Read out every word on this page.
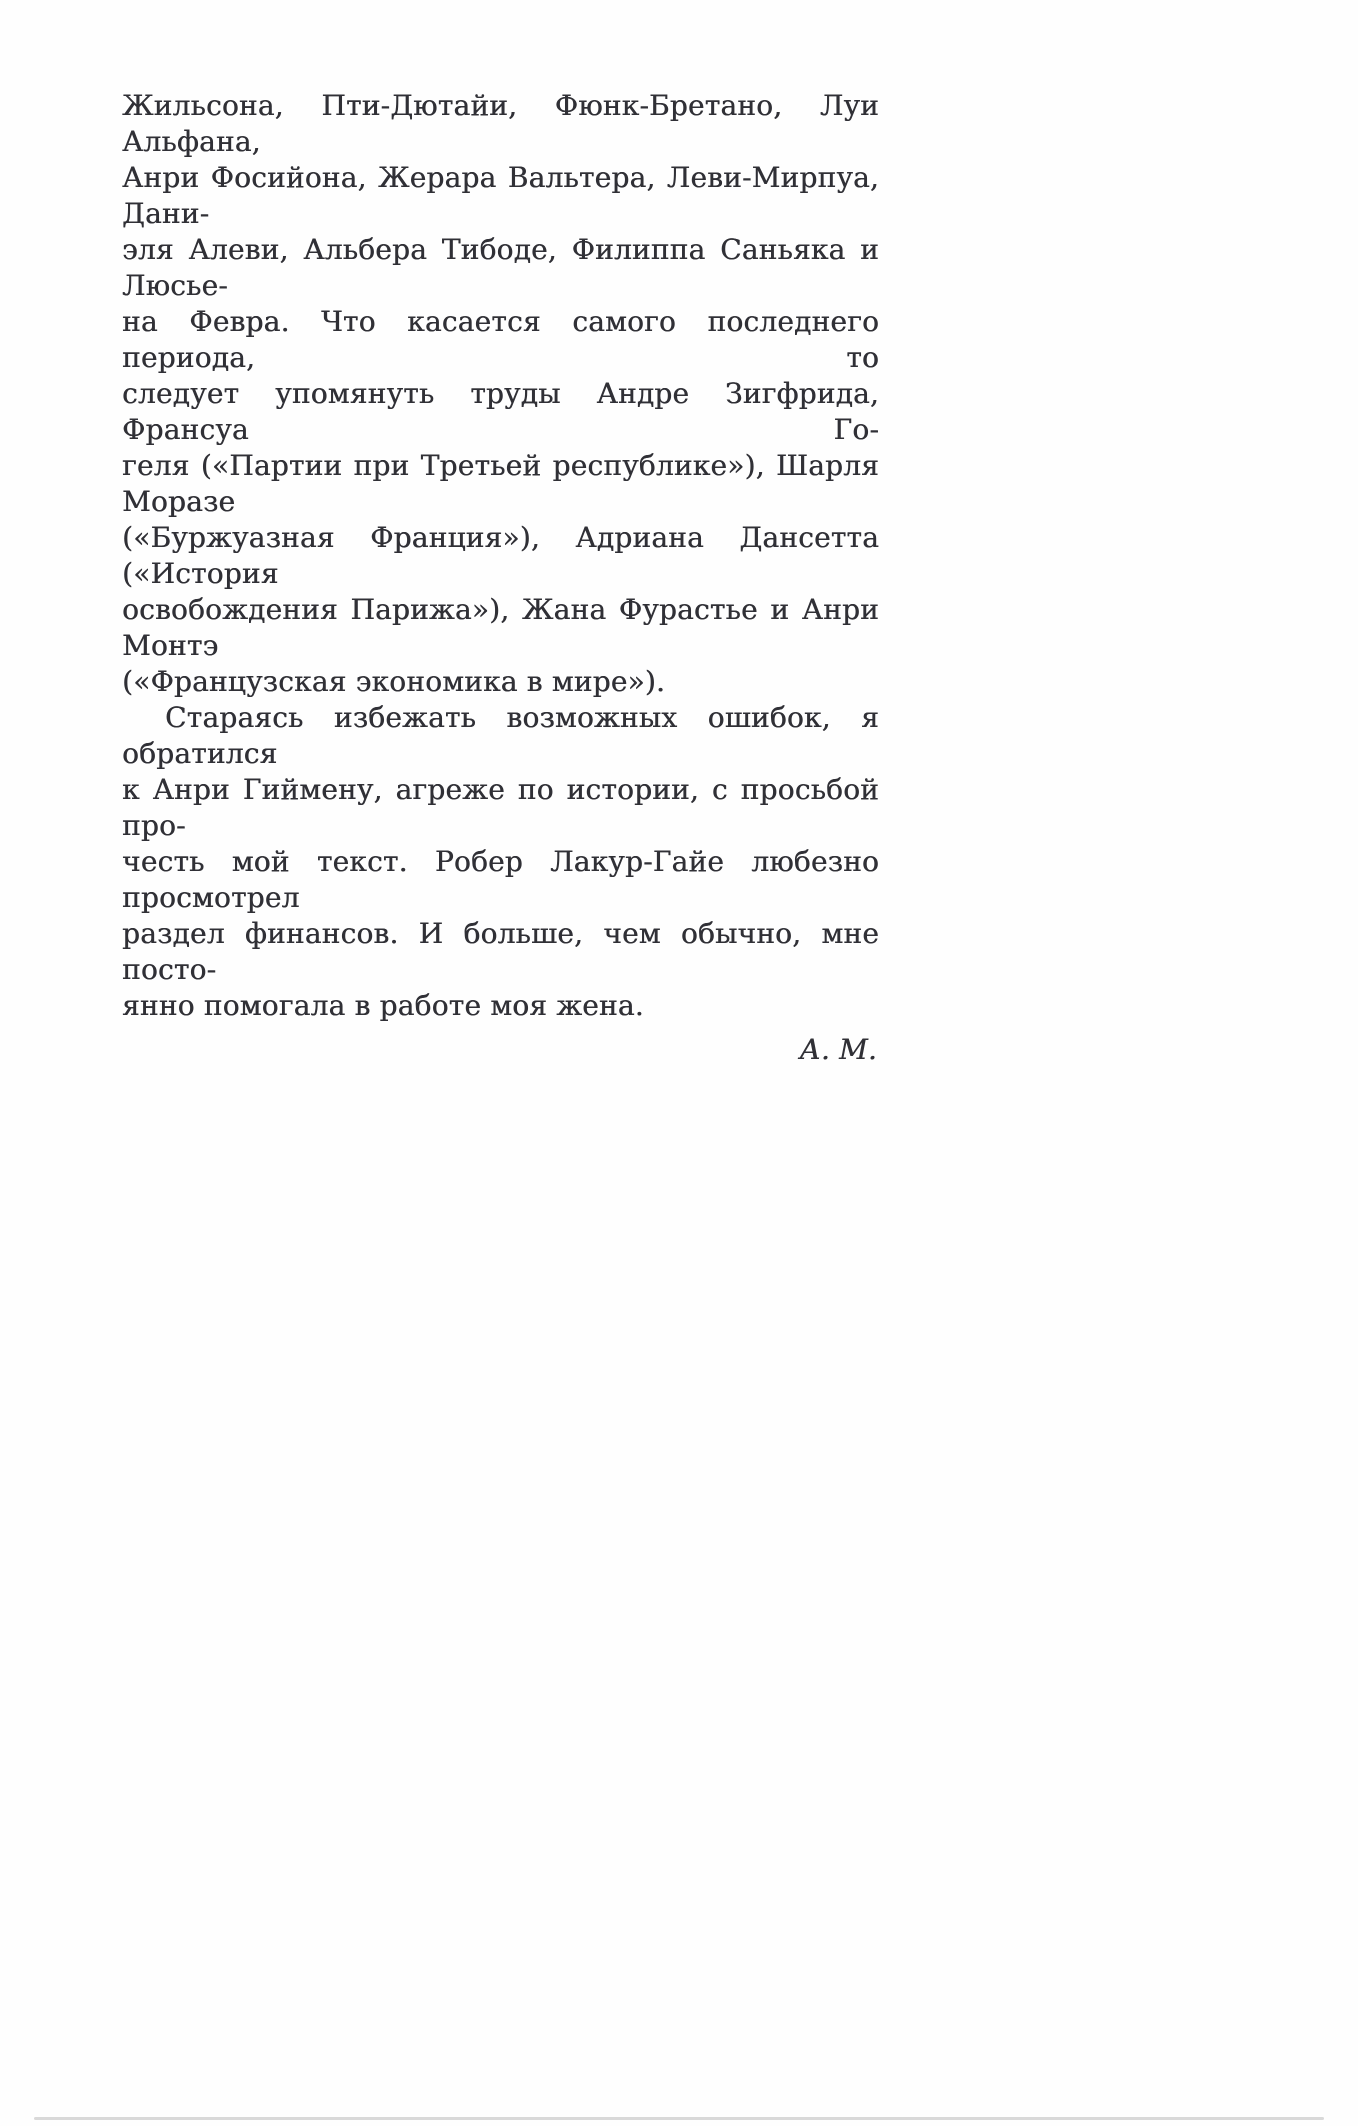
Жильсона, Пти-Дютайи, Фюнк-Бретано, Луи Альфана,

Анри Фосийона, Жерара Вальтера, Леви-Мирпуа, Дани-

эля Алеви, Альбера Тибоде, Филиппа Саньяка и Люсье-

на Февра. Что касается самого последнего периода, то

следует упомянуть труды Андре Зигфрида, Франсуа Го-

геля («Партии при Третьей республике»), Шарля Моразе

(«Буржуазная Франция»), Адриана Дансетта («История

освобождения Парижа»), Жана Фурастье и Анри Монтэ

(«Французская экономика в мире»).

Стараясь избежать возможных ошибок, я обратился

к Анри Гиймену, агреже по истории, с просьбой про-

честь мой текст. Робер Лакур-Гайе любезно просмотрел

раздел финансов. И больше, чем обычно, мне посто-

янно помогала в работе моя жена.

А. М.
